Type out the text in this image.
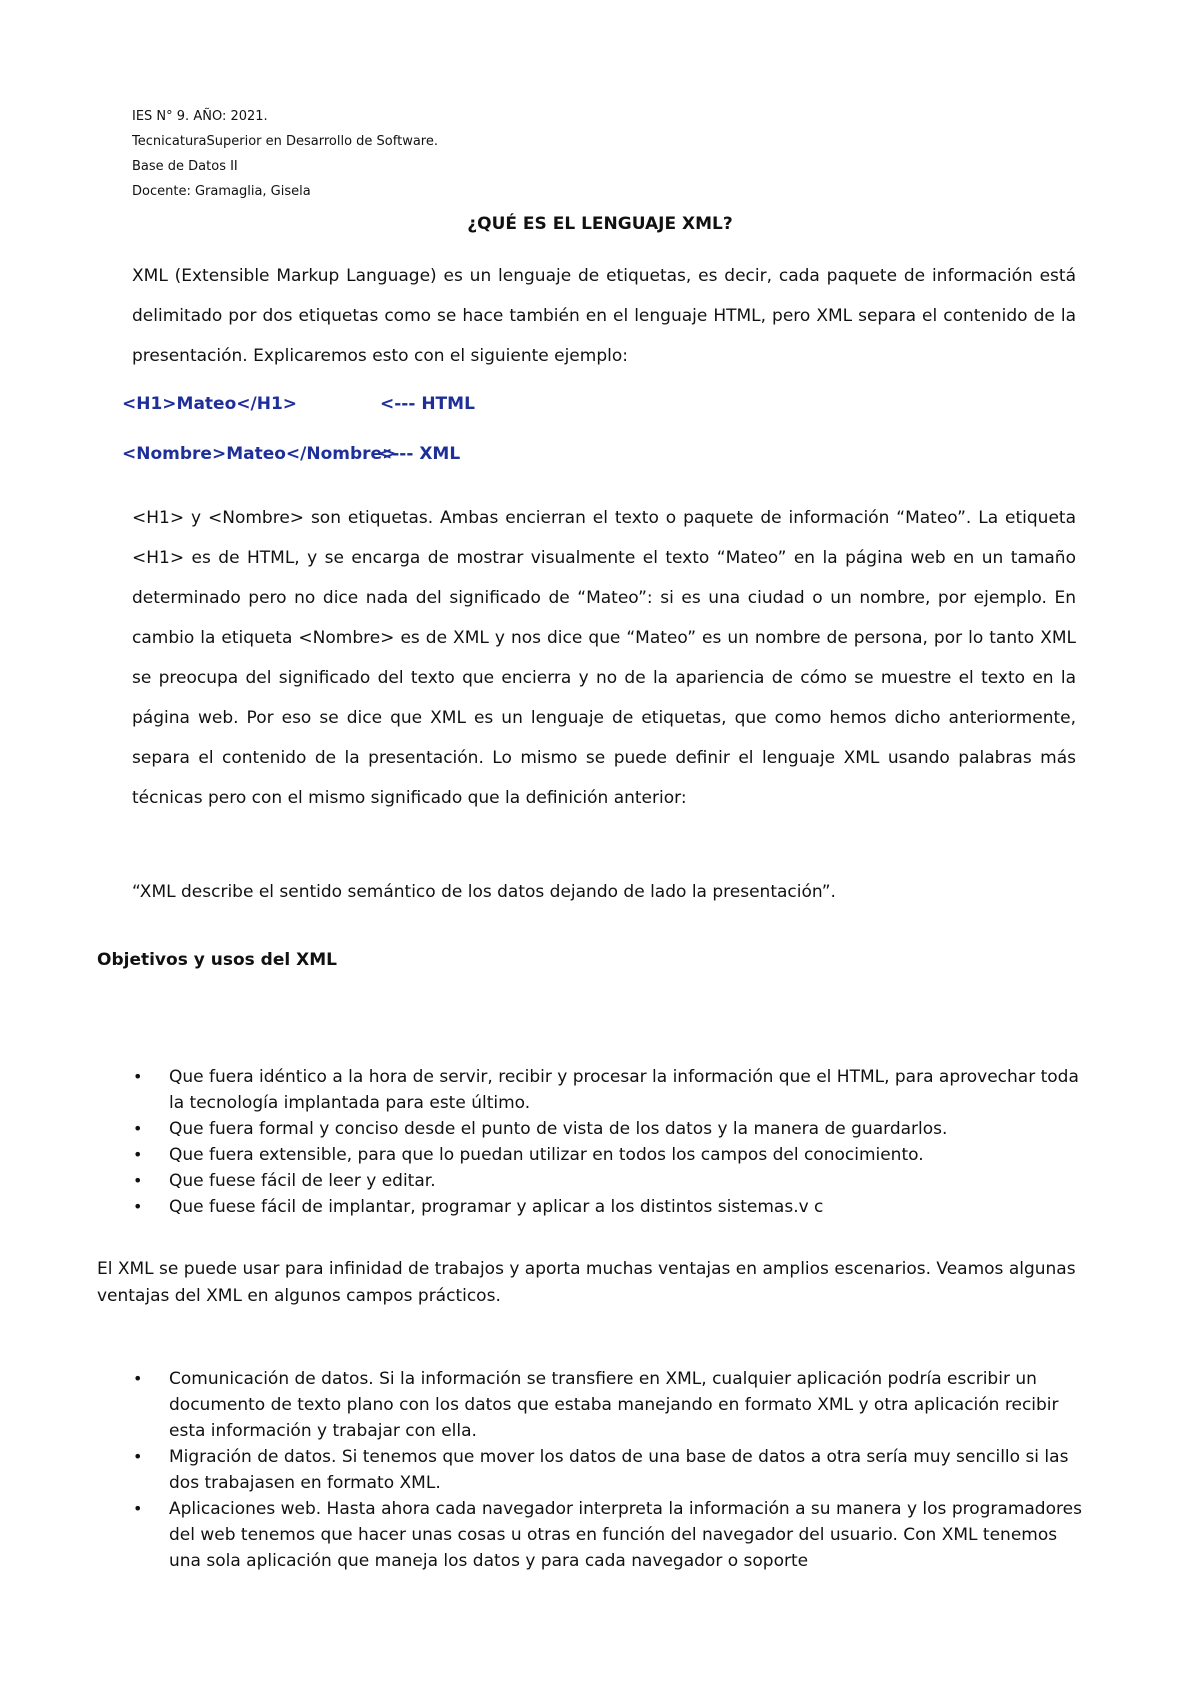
IES N° 9. AÑO: 2021.
TecnicaturaSuperior en Desarrollo de Software.
Base de Datos II
Docente: Gramaglia, Gisela
¿QUÉ ES EL LENGUAJE XML?

XML (Extensible Markup Language) es un lenguaje de etiquetas, es decir, cada paquete de información está delimitado por dos etiquetas como se hace también en el lenguaje HTML, pero XML separa el contenido de la presentación. Explicaremos esto con el siguiente ejemplo:

<H1>Mateo</H1>	<--- HTML
<Nombre>Mateo</Nombre>
<--- XML

<H1> y <Nombre> son etiquetas. Ambas encierran el texto o paquete de información “Mateo”. La etiqueta <H1> es de HTML, y se encarga de mostrar visualmente el texto “Mateo” en la página web en un tamaño determinado pero no dice nada del significado de “Mateo”: si es una ciudad o un nombre, por ejemplo. En cambio la etiqueta <Nombre> es de XML y nos dice que “Mateo” es un nombre de persona, por lo tanto XML se preocupa del significado del texto que encierra y no de la apariencia de cómo se muestre el texto en la página web. Por eso se dice que XML es un lenguaje de etiquetas, que como hemos dicho anteriormente, separa el contenido de la presentación. Lo mismo se puede definir el lenguaje XML usando palabras más técnicas pero con el mismo significado que la definición anterior:

“XML describe el sentido semántico de los datos dejando de lado la presentación”.
Objetivos y usos del XML
• Que fuera idéntico a la hora de servir, recibir y procesar la información que el HTML, para aprovechar toda la tecnología implantada para este último.
• Que fuera formal y conciso desde el punto de vista de los datos y la manera de guardarlos.
• Que fuera extensible, para que lo puedan utilizar en todos los campos del conocimiento.
• Que fuese fácil de leer y editar.
• Que fuese fácil de implantar, programar y aplicar a los distintos sistemas.v c

El XML se puede usar para infinidad de trabajos y aporta muchas ventajas en amplios escenarios. Veamos algunas ventajas del XML en algunos campos prácticos.

• Comunicación de datos. Si la información se transfiere en XML, cualquier aplicación podría escribir un documento de texto plano con los datos que estaba manejando en formato XML y otra aplicación recibir esta información y trabajar con ella.
• Migración de datos. Si tenemos que mover los datos de una base de datos a otra sería muy sencillo si las dos trabajasen en formato XML.
• Aplicaciones web. Hasta ahora cada navegador interpreta la información a su manera y los programadores del web tenemos que hacer unas cosas u otras en función del navegador del usuario. Con XML tenemos una sola aplicación que maneja los datos y para cada navegador o soporte
